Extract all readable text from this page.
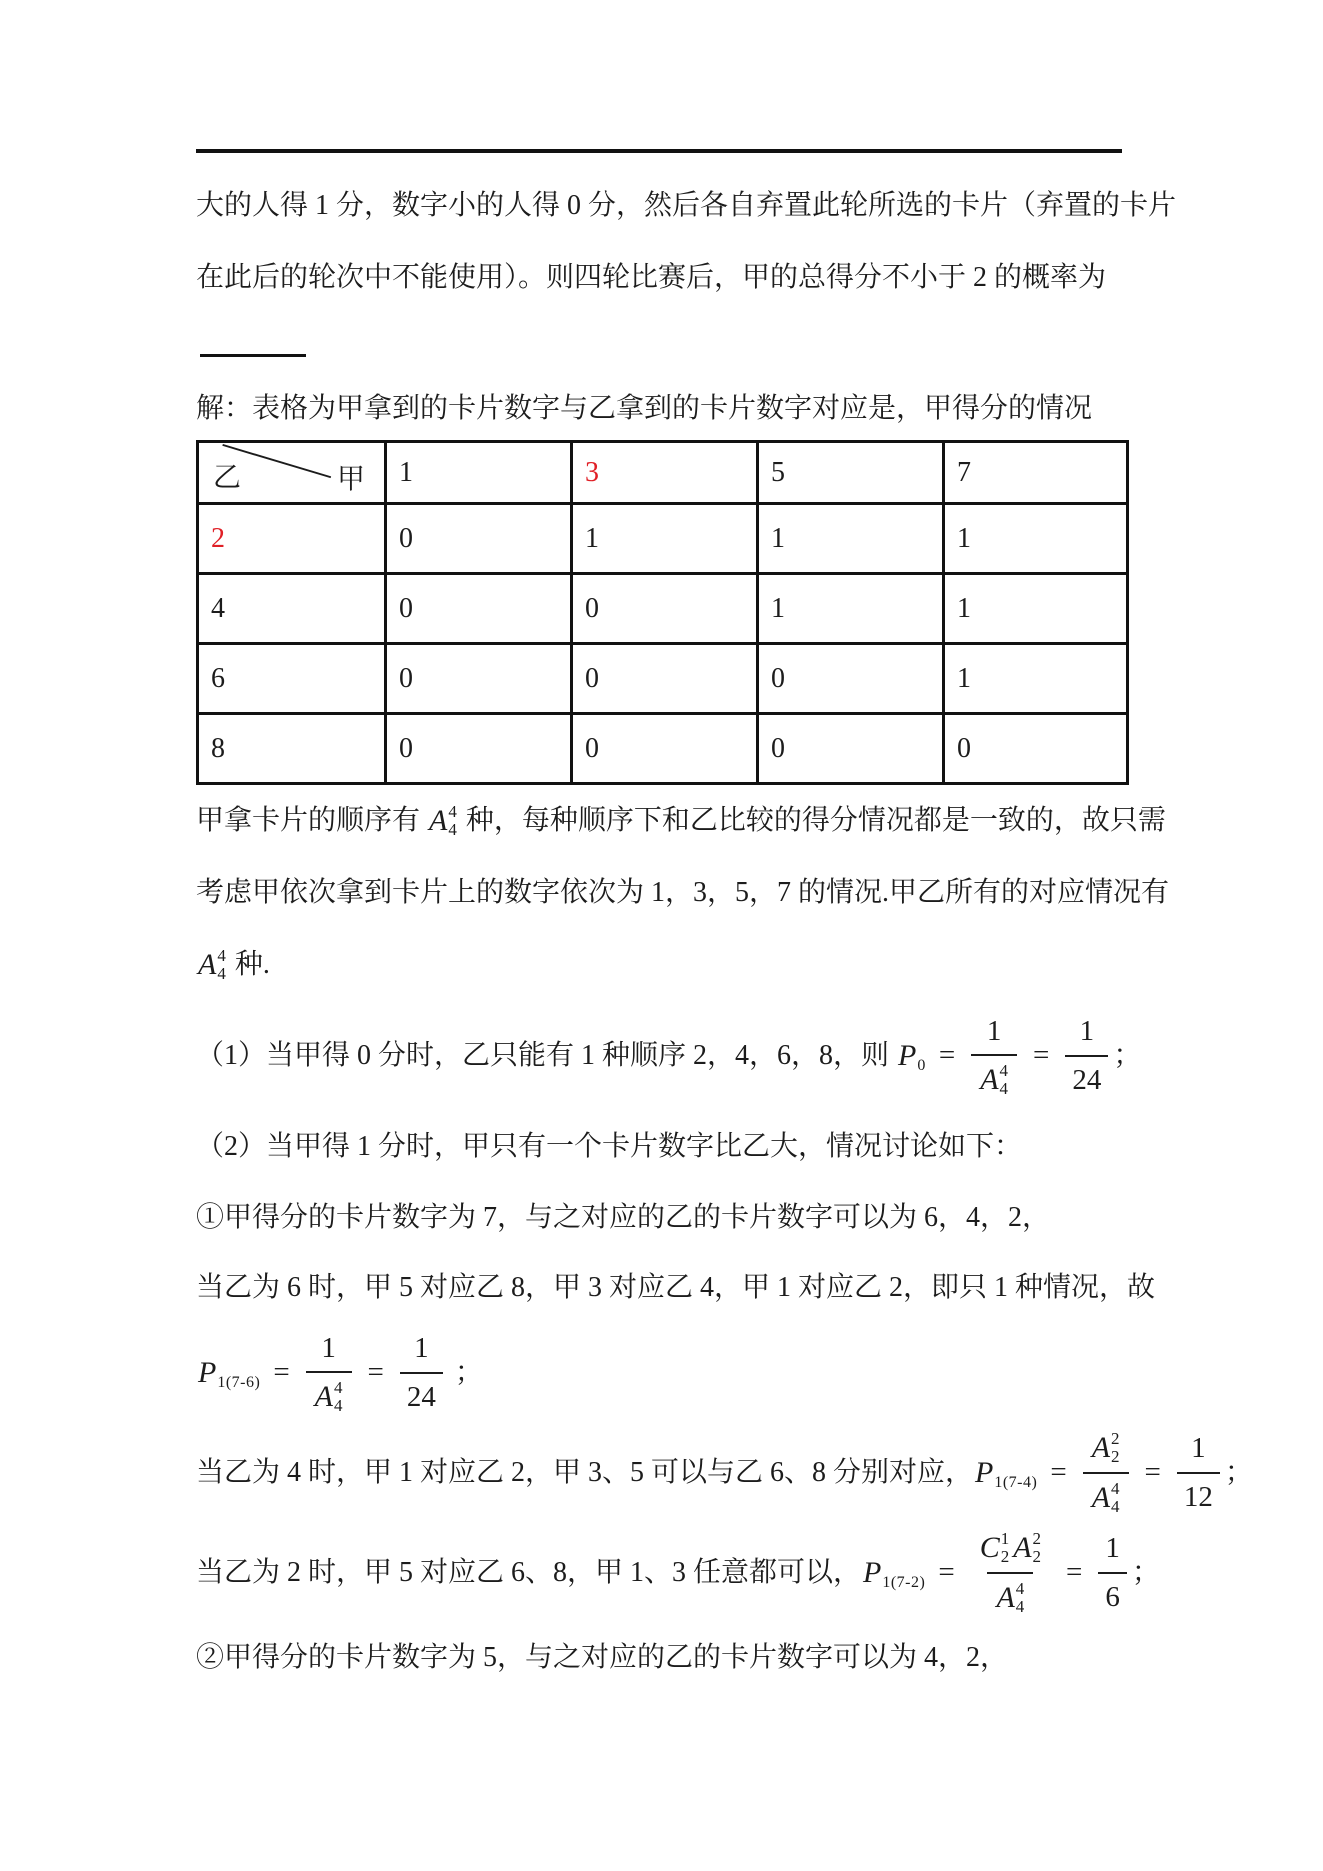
大的人得 1 分，数字小的人得 0 分，然后各自弃置此轮所选的卡片（弃置的卡片
在此后的轮次中不能使用）。则四轮比赛后，甲的总得分不小于 2 的概率为
解：表格为甲拿到的卡片数字与乙拿到的卡片数字对应是，甲得分的情况
乙 甲	1	3	5	7
2	0	1	1	1
4	0	0	1	1
6	0	0	0	1
8	0	0	0	0
甲拿卡片的顺序有 A 4
4 种，每种顺序下和乙比较的得分情况都是一致的，故只需
考虑甲依次拿到卡片上的数字依次为 1，3，5，7 的情况.甲乙所有的对应情况有
A 4
4 种.
（1）当甲得 0 分时，乙只能有 1 种顺序 2，4，6，8，则 P 0 = 1
A 4
$4 = \frac{1}{24}$ ；
（2）当甲得 1 分时，甲只有一个卡片数字比乙大，情况讨论如下：
①甲得分的卡片数字为 7，与之对应的乙的卡片数字可以为 6，4，2，
当乙为 6 时，甲 5 对应乙 8，甲 3 对应乙 4，甲 1 对应乙 2，即只 1 种情况，故
P 1(7-6) = 1
A 4
$4 = \frac{1}{24}$ ；
当乙为 4 时，甲 1 对应乙 2，甲 3、5 可以与乙 6、8 分别对应， P 1(7-4) = A 2
2
A 4
$4 = \frac{1}{12}$ ；
当乙为 2 时，甲 5 对应乙 6、8，甲 1、3 任意都可以， P 1(7-2) = C 1
2 A 2
2
A 4
$4 = \frac{1}{6}$ ；
②甲得分的卡片数字为 5，与之对应的乙的卡片数字可以为 4，2，
